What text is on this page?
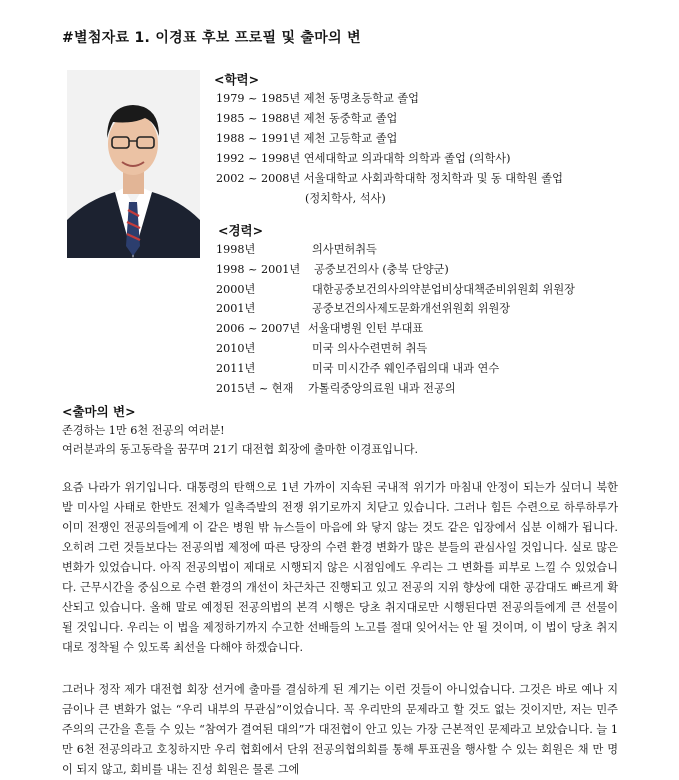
#별첨자료 1. 이경표 후보 프로필 및 출마의 변
<학력>
1979 ~ 1985년 제천 동명초등학교 졸업
1985 ~ 1988년 제천 동중학교 졸업
1988 ~ 1991년 제천 고등학교 졸업
1992 ~ 1998년 연세대학교 의과대학 의학과 졸업 (의학사)
2002 ~ 2008년 서울대학교 사회과학대학 정치학과 및 동 대학원 졸업
(정치학사, 석사)
<경력>
1998년	의사면허취득
1998 ~ 2001년 공중보건의사 (충북 단양군)
2000년	대한공중보건의사의약분업비상대책준비위원회 위원장
2001년	공중보건의사제도문화개선위원회 위원장
2006 ~ 2007년 서울대병원 인턴 부대표
2010년	미국 의사수련면허 취득
2011년	미국 미시간주 웨인주립의대 내과 연수
2015년 ~ 현재 가톨릭중앙의료원 내과 전공의
<출마의 변>
존경하는 1만 6천 전공의 여러분!
여러분과의 동고동락을 꿈꾸며 21기 대전협 회장에 출마한 이경표입니다.

요즘 나라가 위기입니다. 대통령의 탄핵으로 1년 가까이 지속된 국내적 위기가 마침내 안정이 되는가 싶더니 북한 발 미사일 사태로 한반도 전체가 일촉즉발의 전쟁 위기로까지 치닫고 있습니다. 그러나 힘든 수련으로 하루하루가 이미 전쟁인 전공의들에게 이 같은 병원 밖 뉴스들이 마음에 와 닿지 않는 것도 같은 입장에서 십분 이해가 됩니다. 오히려 그런 것들보다는 전공의법 제정에 따른 당장의 수련 환경 변화가 많은 분들의 관심사일 것입니다. 실로 많은 변화가 있었습니다. 아직 전공의법이 제대로 시행되지 않은 시점임에도 우리는 그 변화를 피부로 느낄 수 있었습니다. 근무시간을 중심으로 수련 환경의 개선이 차근차근 진행되고 있고 전공의 지위 향상에 대한 공감대도 빠르게 확산되고 있습니다. 올해 말로 예정된 전공의법의 본격 시행은 당초 취지대로만 시행된다면 전공의들에게 큰 선물이 될 것입니다. 우리는 이 법을 제정하기까지 수고한 선배들의 노고를 절대 잊어서는 안 될 것이며, 이 법이 당초 취지대로 정착될 수 있도록 최선을 다해야 하겠습니다.

그러나 정작 제가 대전협 회장 선거에 출마를 결심하게 된 계기는 이런 것들이 아니었습니다. 그것은 바로 예나 지금이나 큰 변화가 없는 “우리 내부의 무관심”이었습니다. 꼭 우리만의 문제라고 할 것도 없는 것이지만, 저는 민주주의의 근간을 흔들 수 있는 “참여가 결여된 대의”가 대전협이 안고 있는 가장 근본적인 문제라고 보았습니다. 늘 1만 6천 전공의라고 호칭하지만 우리 협회에서 단위 전공의협의회를 통해 투표권을 행사할 수 있는 회원은 채 만 명이 되지 않고, 회비를 내는 진성 회원은 물론 그에
